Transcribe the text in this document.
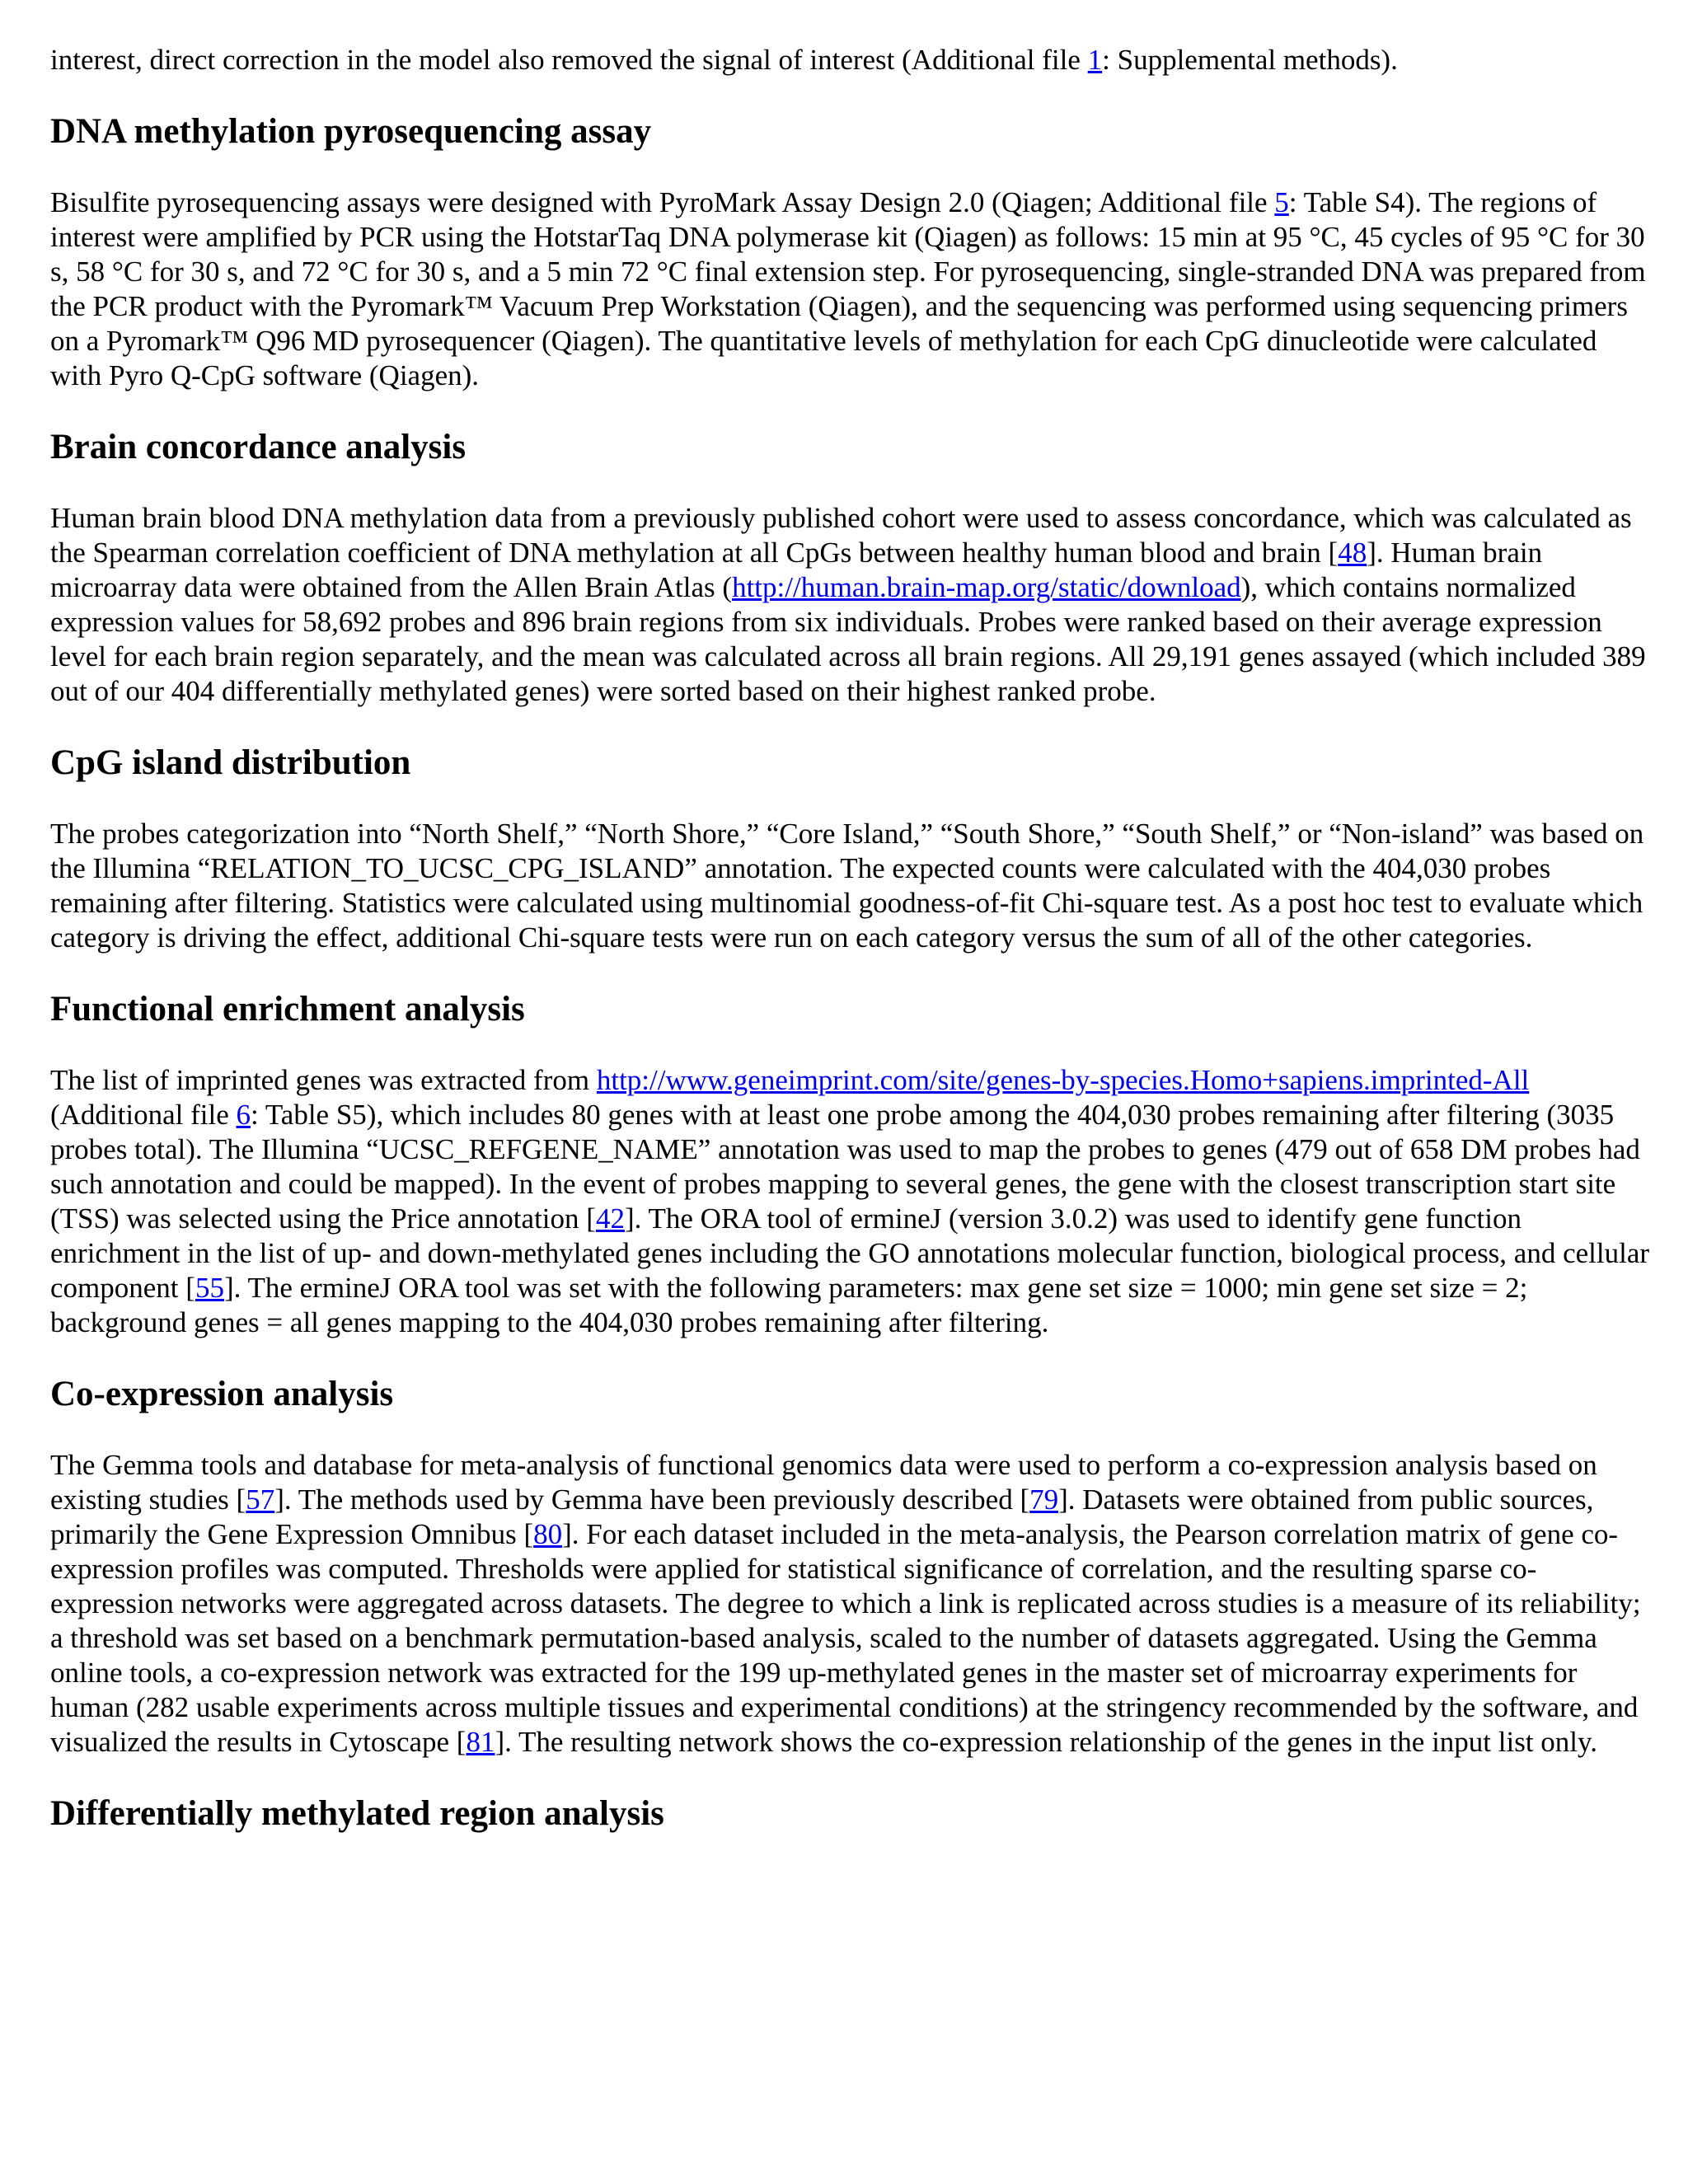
interest, direct correction in the model also removed the signal of interest (Additional file 1: Supplemental methods).

DNA methylation pyrosequencing assay

Bisulfite pyrosequencing assays were designed with PyroMark Assay Design 2.0 (Qiagen; Additional file 5: Table S4). The regions of interest were amplified by PCR using the HotstarTaq DNA polymerase kit (Qiagen) as follows: 15 min at 95 °C, 45 cycles of 95 °C for 30 s, 58 °C for 30 s, and 72 °C for 30 s, and a 5 min 72 °C final extension step. For pyrosequencing, single-stranded DNA was prepared from the PCR product with the Pyromark™ Vacuum Prep Workstation (Qiagen), and the sequencing was performed using sequencing primers on a Pyromark™ Q96 MD pyrosequencer (Qiagen). The quantitative levels of methylation for each CpG dinucleotide were calculated with Pyro Q-CpG software (Qiagen).

Brain concordance analysis

Human brain blood DNA methylation data from a previously published cohort were used to assess concordance, which was calculated as the Spearman correlation coefficient of DNA methylation at all CpGs between healthy human blood and brain [48]. Human brain microarray data were obtained from the Allen Brain Atlas (http://human.brain-map.org/static/download), which contains normalized expression values for 58,692 probes and 896 brain regions from six individuals. Probes were ranked based on their average expression level for each brain region separately, and the mean was calculated across all brain regions. All 29,191 genes assayed (which included 389 out of our 404 differentially methylated genes) were sorted based on their highest ranked probe.

CpG island distribution

The probes categorization into “North Shelf,” “North Shore,” “Core Island,” “South Shore,” “South Shelf,” or “Non-island” was based on the Illumina “RELATION_TO_UCSC_CPG_ISLAND” annotation. The expected counts were calculated with the 404,030 probes remaining after filtering. Statistics were calculated using multinomial goodness-of-fit Chi-square test. As a post hoc test to evaluate which category is driving the effect, additional Chi-square tests were run on each category versus the sum of all of the other categories.

Functional enrichment analysis

The list of imprinted genes was extracted from http://www.geneimprint.com/site/genes-by-species.Homo+sapiens.imprinted-All (Additional file 6: Table S5), which includes 80 genes with at least one probe among the 404,030 probes remaining after filtering (3035 probes total). The Illumina “UCSC_REFGENE_NAME” annotation was used to map the probes to genes (479 out of 658 DM probes had such annotation and could be mapped). In the event of probes mapping to several genes, the gene with the closest transcription start site (TSS) was selected using the Price annotation [42]. The ORA tool of ermineJ (version 3.0.2) was used to identify gene function enrichment in the list of up- and down-methylated genes including the GO annotations molecular function, biological process, and cellular component [55]. The ermineJ ORA tool was set with the following parameters: max gene set size = 1000; min gene set size = 2; background genes = all genes mapping to the 404,030 probes remaining after filtering.

Co-expression analysis

The Gemma tools and database for meta-analysis of functional genomics data were used to perform a co-expression analysis based on existing studies [57]. The methods used by Gemma have been previously described [79]. Datasets were obtained from public sources, primarily the Gene Expression Omnibus [80]. For each dataset included in the meta-analysis, the Pearson correlation matrix of gene co-expression profiles was computed. Thresholds were applied for statistical significance of correlation, and the resulting sparse co-expression networks were aggregated across datasets. The degree to which a link is replicated across studies is a measure of its reliability; a threshold was set based on a benchmark permutation-based analysis, scaled to the number of datasets aggregated. Using the Gemma online tools, a co-expression network was extracted for the 199 up-methylated genes in the master set of microarray experiments for human (282 usable experiments across multiple tissues and experimental conditions) at the stringency recommended by the software, and visualized the results in Cytoscape [81]. The resulting network shows the co-expression relationship of the genes in the input list only.

Differentially methylated region analysis
